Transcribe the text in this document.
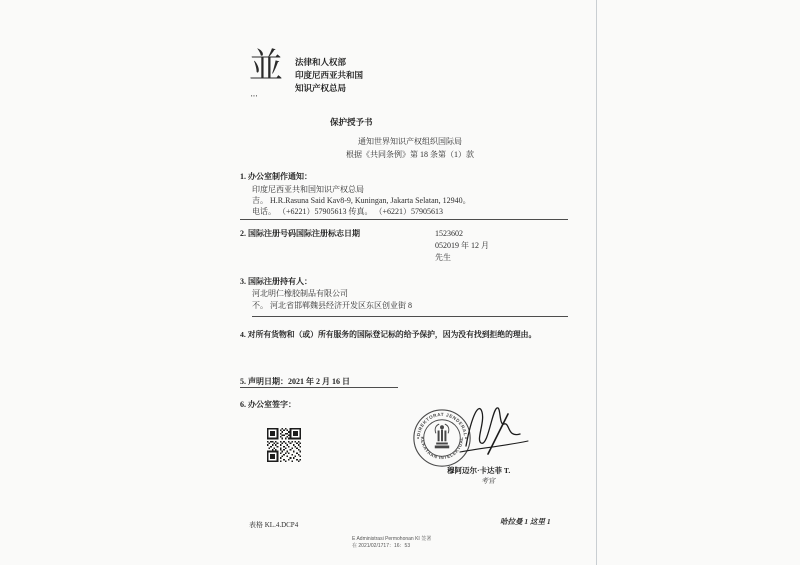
並
▪▪▪
法律和人权部
印度尼西亚共和国
知识产权总局
保护授予书
通知世界知识产权组织国际局
根据《共同条例》第 18 条第（1）款
1. 办公室制作通知：
印度尼西亚共和国知识产权总局
吉。 H.R.Rasuna Said Kav8-9, Kuningan, Jakarta Selatan, 12940。
电话。 （+6221）57905613 传真。 （+6221）57905613
2. 国际注册号码国际注册标志日期	1523602
052019 年 12 月
先生
3. 国际注册持有人：
河北明仁橡胶制品有限公司
不。 河北省邯郸魏县经济开发区东区创业街 8
4. 对所有货物和（或）所有服务的国际登记标的给予保护，因为没有找到拒绝的理由。
5. 声明日期：2021 年 2 月 16 日
6. 办公室签字：
DIREKTORAT JENDERAL
KEKAYAAN INTELEKTUAL
穆阿迈尔·卡达菲 T.
考官
表格 KL.4.DCP4	哈拉曼 1 这里 1
E Administrasi Permohonan KI 签署
在 2021/02/1717：16：53
